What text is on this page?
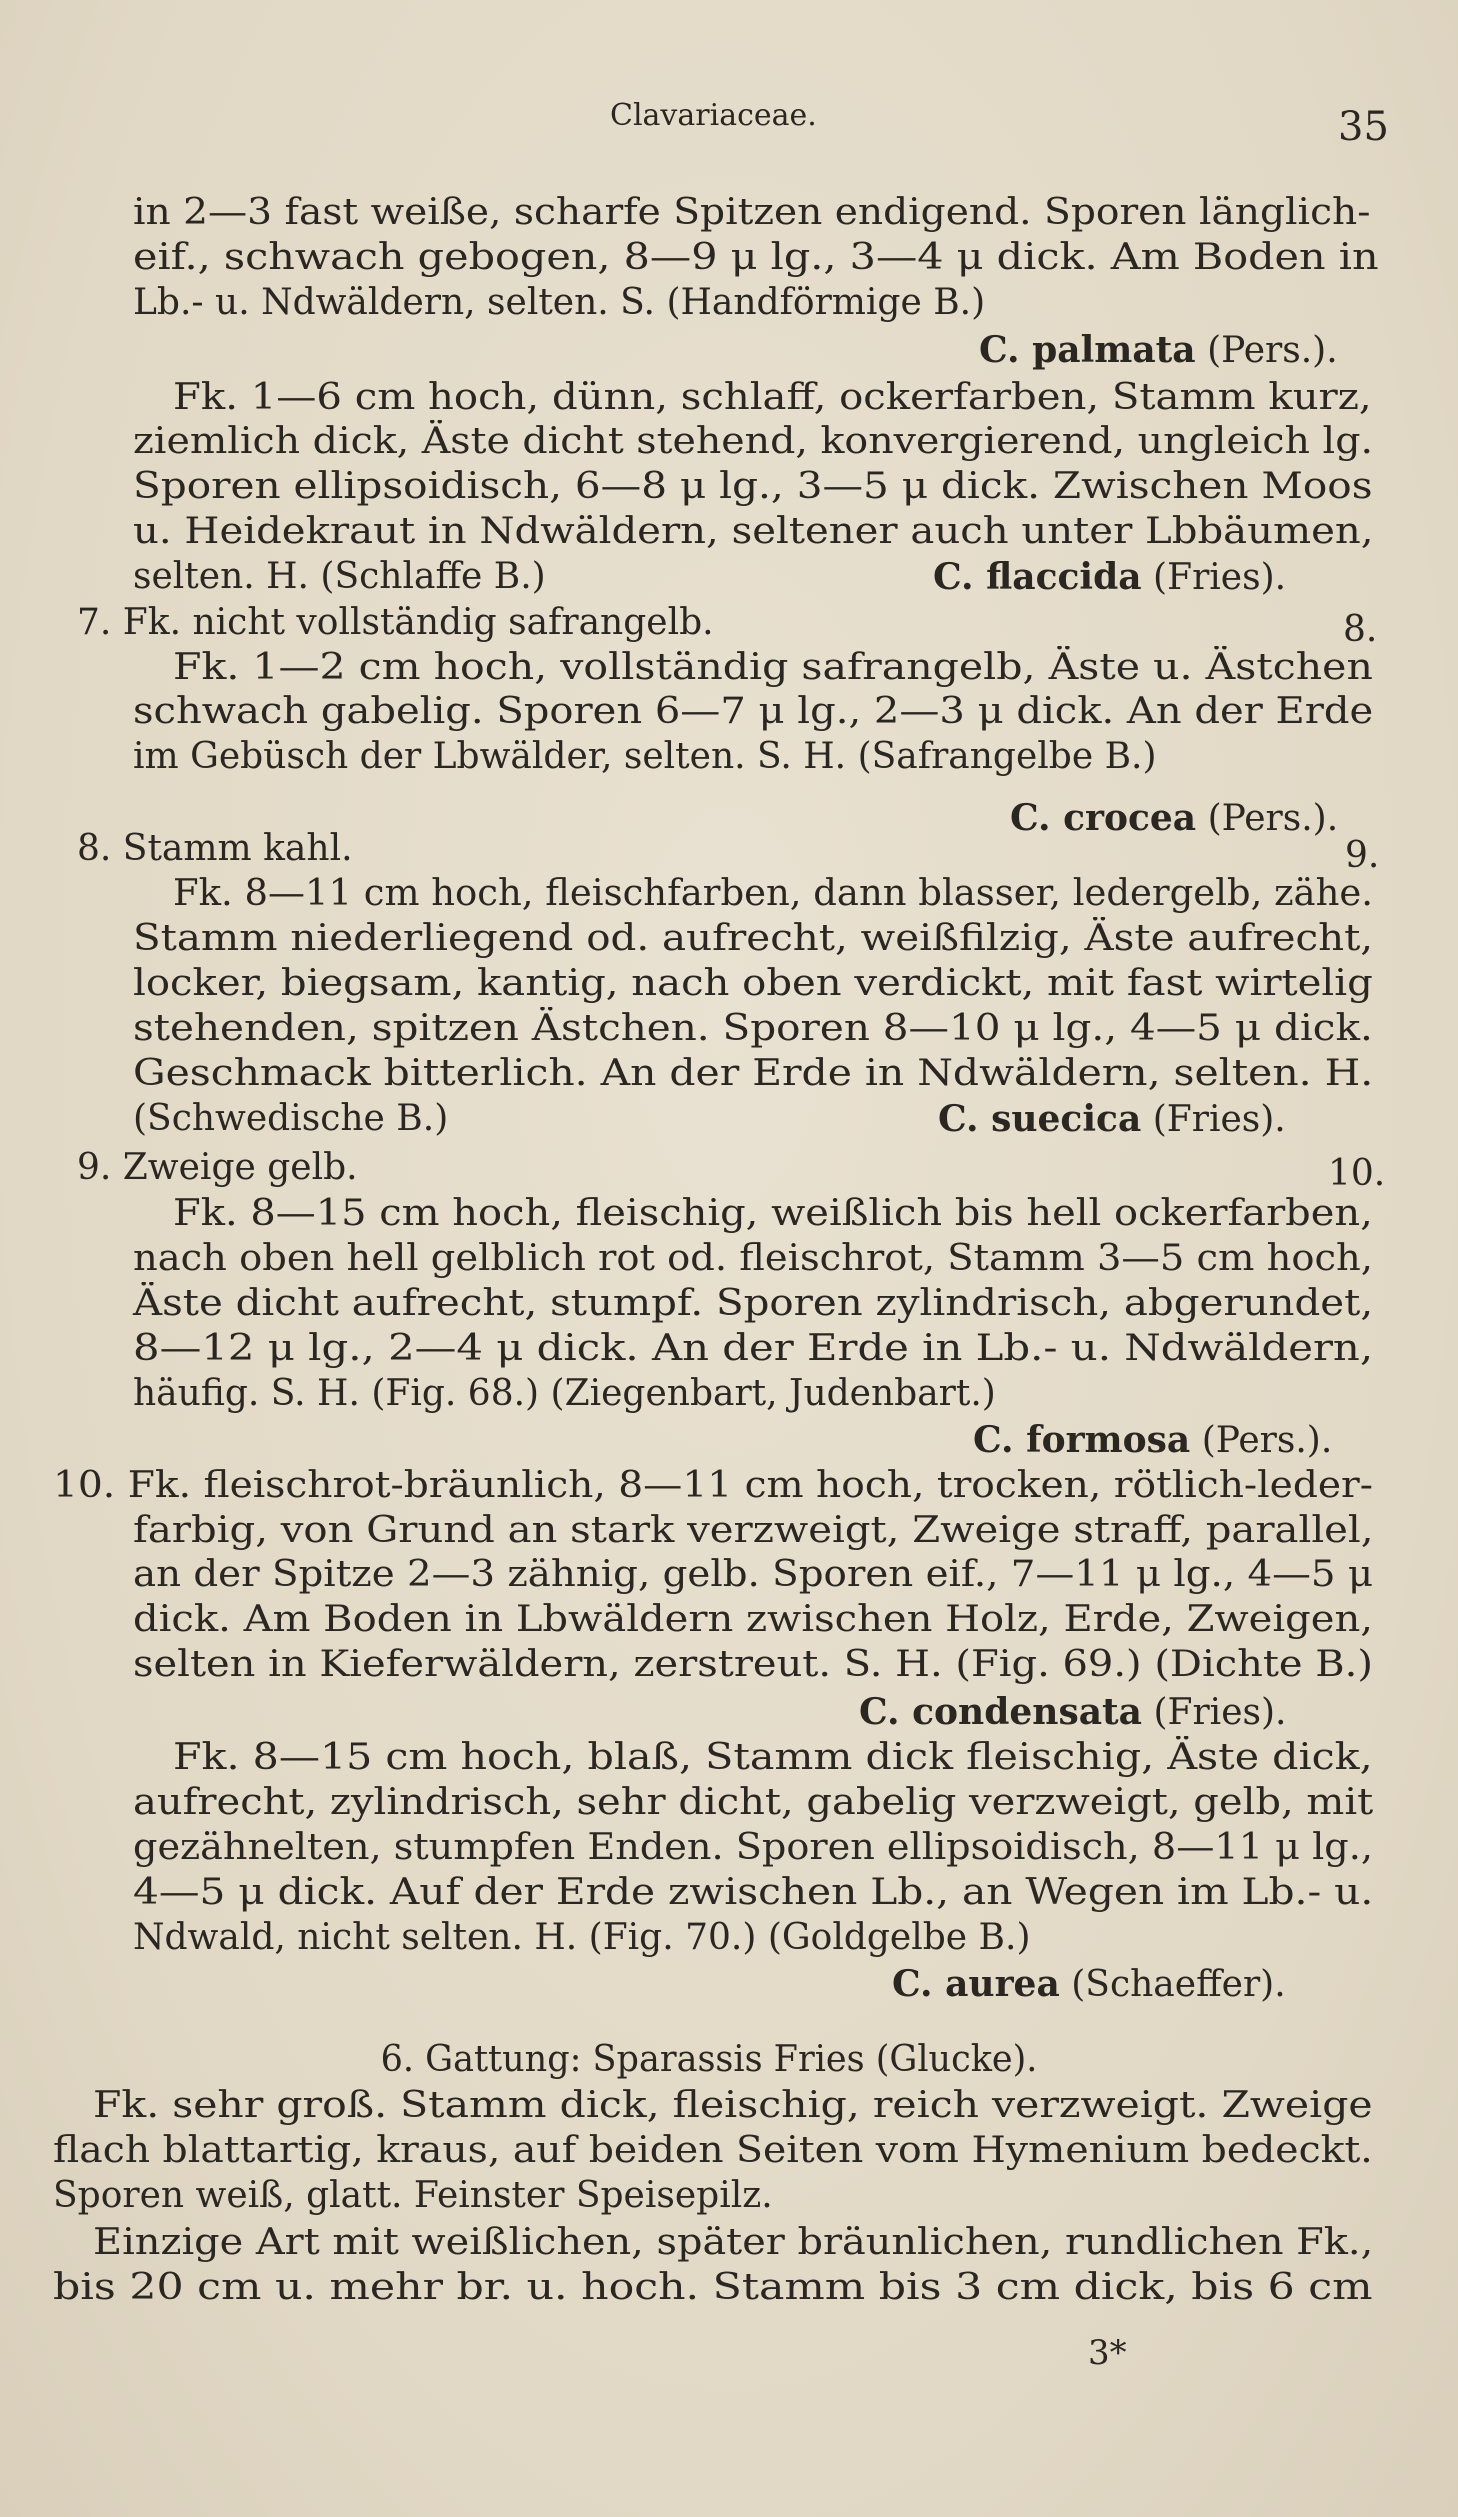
Clavariaceae.	35
in 2—3 fast weiße, scharfe Spitzen endigend. Sporen länglich-
eif., schwach gebogen, 8—9 μ lg., 3—4 μ dick. Am Boden in
Lb.- u. Ndwäldern, selten. S. (Handförmige B.)
C. palmata (Pers.).
Fk. 1—6 cm hoch, dünn, schlaff, ockerfarben, Stamm kurz,
ziemlich dick, Äste dicht stehend, konvergierend, ungleich lg.
Sporen ellipsoidisch, 6—8 μ lg., 3—5 μ dick. Zwischen Moos
u. Heidekraut in Ndwäldern, seltener auch unter Lbbäumen,
selten. H. (Schlaffe B.)	C. flaccida (Fries).
7. Fk. nicht vollständig safrangelb.	8.
Fk. 1—2 cm hoch, vollständig safrangelb, Äste u. Ästchen
schwach gabelig. Sporen 6—7 μ lg., 2—3 μ dick. An der Erde
im Gebüsch der Lbwälder, selten. S. H. (Safrangelbe B.)
C. crocea (Pers.).
8. Stamm kahl.	9.
Fk. 8—11 cm hoch, fleischfarben, dann blasser, ledergelb, zähe.
Stamm niederliegend od. aufrecht, weißfilzig, Äste aufrecht,
locker, biegsam, kantig, nach oben verdickt, mit fast wirtelig
stehenden, spitzen Ästchen. Sporen 8—10 μ lg., 4—5 μ dick.
Geschmack bitterlich. An der Erde in Ndwäldern, selten. H.
(Schwedische B.)	C. suecica (Fries).
9. Zweige gelb.	10.
Fk. 8—15 cm hoch, fleischig, weißlich bis hell ockerfarben,
nach oben hell gelblich rot od. fleischrot, Stamm 3—5 cm hoch,
Äste dicht aufrecht, stumpf. Sporen zylindrisch, abgerundet,
8—12 μ lg., 2—4 μ dick. An der Erde in Lb.- u. Ndwäldern,
häufig. S. H. (Fig. 68.) (Ziegenbart, Judenbart.)
C. formosa (Pers.).
10. Fk. fleischrot-bräunlich, 8—11 cm hoch, trocken, rötlich-leder-
farbig, von Grund an stark verzweigt, Zweige straff, parallel,
an der Spitze 2—3 zähnig, gelb. Sporen eif., 7—11 μ lg., 4—5 μ
dick. Am Boden in Lbwäldern zwischen Holz, Erde, Zweigen,
selten in Kieferwäldern, zerstreut. S. H. (Fig. 69.) (Dichte B.)
C. condensata (Fries).
Fk. 8—15 cm hoch, blaß, Stamm dick fleischig, Äste dick,
aufrecht, zylindrisch, sehr dicht, gabelig verzweigt, gelb, mit
gezähnelten, stumpfen Enden. Sporen ellipsoidisch, 8—11 μ lg.,
4—5 μ dick. Auf der Erde zwischen Lb., an Wegen im Lb.- u.
Ndwald, nicht selten. H. (Fig. 70.) (Goldgelbe B.)
C. aurea (Schaeffer).
6. Gattung: Sparassis Fries (Glucke).
Fk. sehr groß. Stamm dick, fleischig, reich verzweigt. Zweige
flach blattartig, kraus, auf beiden Seiten vom Hymenium bedeckt.
Sporen weiß, glatt. Feinster Speisepilz.
Einzige Art mit weißlichen, später bräunlichen, rundlichen Fk.,
bis 20 cm u. mehr br. u. hoch. Stamm bis 3 cm dick, bis 6 cm
3*
